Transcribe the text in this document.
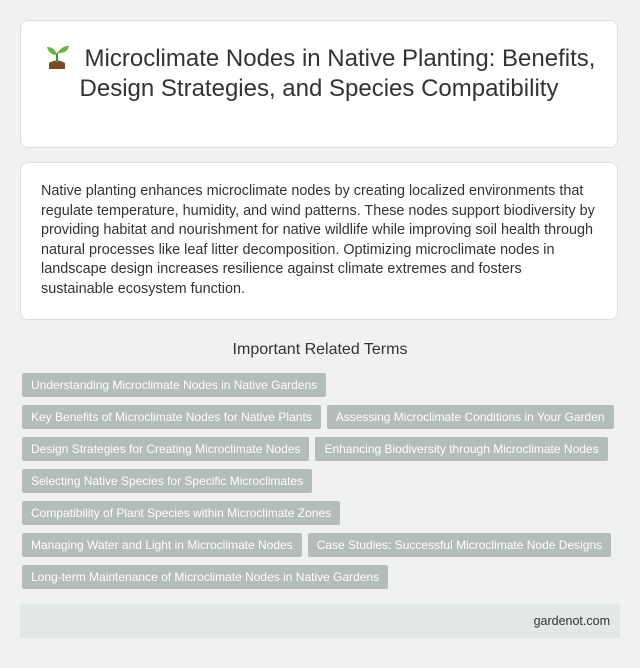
Microclimate Nodes in Native Planting: Benefits, Design Strategies, and Species Compatibility

Native planting enhances microclimate nodes by creating localized environments that regulate temperature, humidity, and wind patterns. These nodes support biodiversity by providing habitat and nourishment for native wildlife while improving soil health through natural processes like leaf litter decomposition. Optimizing microclimate nodes in landscape design increases resilience against climate extremes and fosters sustainable ecosystem function.

Important Related Terms
Understanding Microclimate Nodes in Native Gardens
Key Benefits of Microclimate Nodes for Native Plants	Assessing Microclimate Conditions in Your Garden
Design Strategies for Creating Microclimate Nodes	Enhancing Biodiversity through Microclimate Nodes
Selecting Native Species for Specific Microclimates
Compatibility of Plant Species within Microclimate Zones
Managing Water and Light in Microclimate Nodes	Case Studies: Successful Microclimate Node Designs
Long-term Maintenance of Microclimate Nodes in Native Gardens
gardenot.com
